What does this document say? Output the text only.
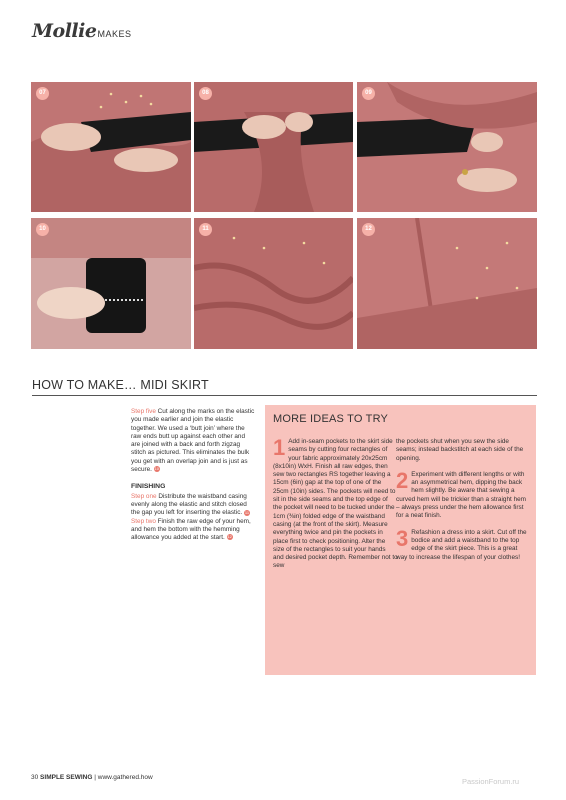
MollieMAKES
07	08	09
10	11	12
HOW TO MAKE… MIDI SKIRT

Step five Cut along the marks on the elastic you made earlier and join the elastic together. We used a ‘butt join’ where the raw ends butt up against each other and are joined with a back and forth zigzag stitch as pictured. This eliminates the bulk you get with an overlap join and is just as secure. 10

FINISHING
Step one Distribute the waistband casing evenly along the elastic and stitch closed the gap you left for inserting the elastic. 11
Step two Finish the raw edge of your hem, and hem the bottom with the hemming allowance you added at the start. 12
MORE IDEAS TO TRY

1 Add in-seam pockets to the skirt side seams by cutting four rectangles of your fabric approximately 20x25cm (8x10in) WxH. Finish all raw edges, then sew two rectangles RS together leaving a 15cm (6in) gap at the top of one of the 25cm (10in) sides. The pockets will need to sit in the side seams and the top edge of the pocket will need to be tucked under the 1cm (⅜in) folded edge of the waistband casing (at the front of the skirt). Measure everything twice and pin the pockets in place first to check positioning. Alter the size of the rectangles to suit your hands and desired pocket depth. Remember not to sew

the pockets shut when you sew the side seams; instead backstitch at each side of the opening.

2 Experiment with different lengths or with an asymmetrical hem, dipping the back hem slightly. Be aware that sewing a curved hem will be trickier than a straight hem – always press under the hem allowance first for a neat finish.

3 Refashion a dress into a skirt. Cut off the bodice and add a waistband to the top edge of the skirt piece. This is a great way to increase the lifespan of your clothes!

30 SIMPLE SEWING | www.gathered.how	PassionForum.ru
